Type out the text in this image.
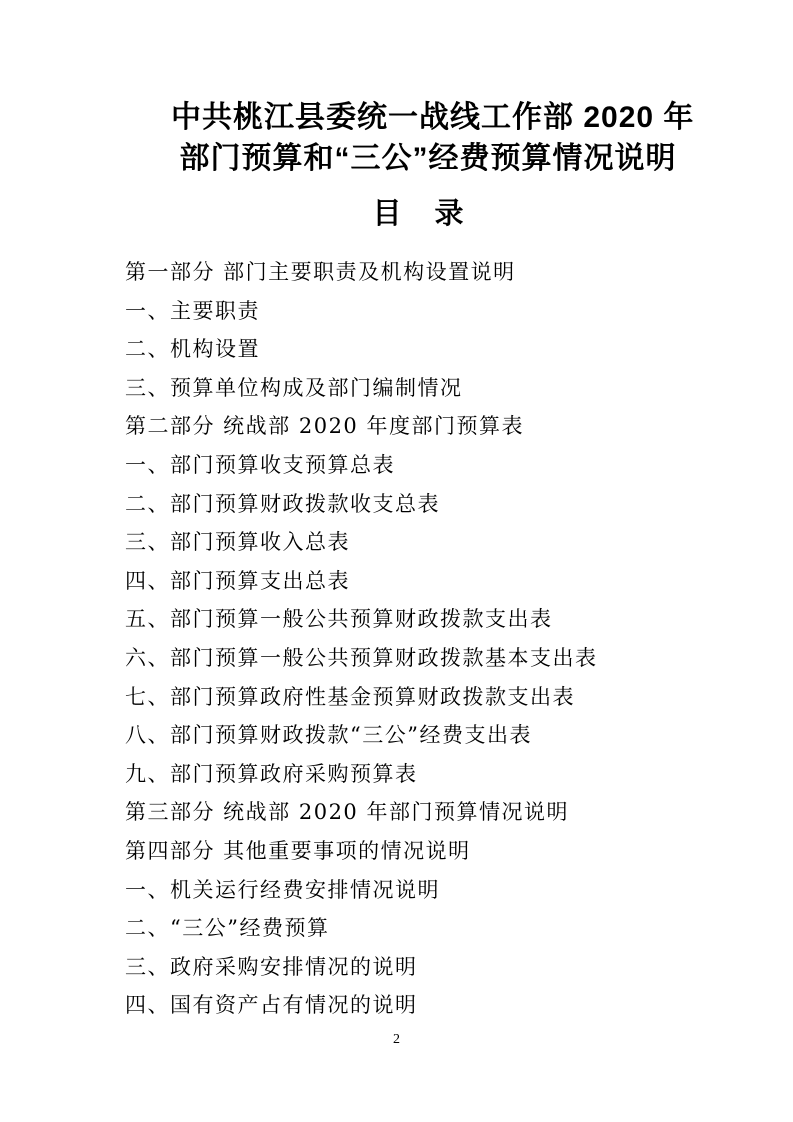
中共桃江县委统一战线工作部 2020 年
部门预算和“三公”经费预算情况说明
目　录

第一部分 部门主要职责及机构设置说明

一、主要职责

二、机构设置

三、预算单位构成及部门编制情况

第二部分 统战部 2020 年度部门预算表

一、部门预算收支预算总表

二、部门预算财政拨款收支总表

三、部门预算收入总表

四、部门预算支出总表

五、部门预算一般公共预算财政拨款支出表

六、部门预算一般公共预算财政拨款基本支出表

七、部门预算政府性基金预算财政拨款支出表

八、部门预算财政拨款“三公”经费支出表

九、部门预算政府采购预算表

第三部分 统战部 2020 年部门预算情况说明

第四部分 其他重要事项的情况说明

一、机关运行经费安排情况说明

二、“三公”经费预算

三、政府采购安排情况的说明

四、国有资产占有情况的说明

2
